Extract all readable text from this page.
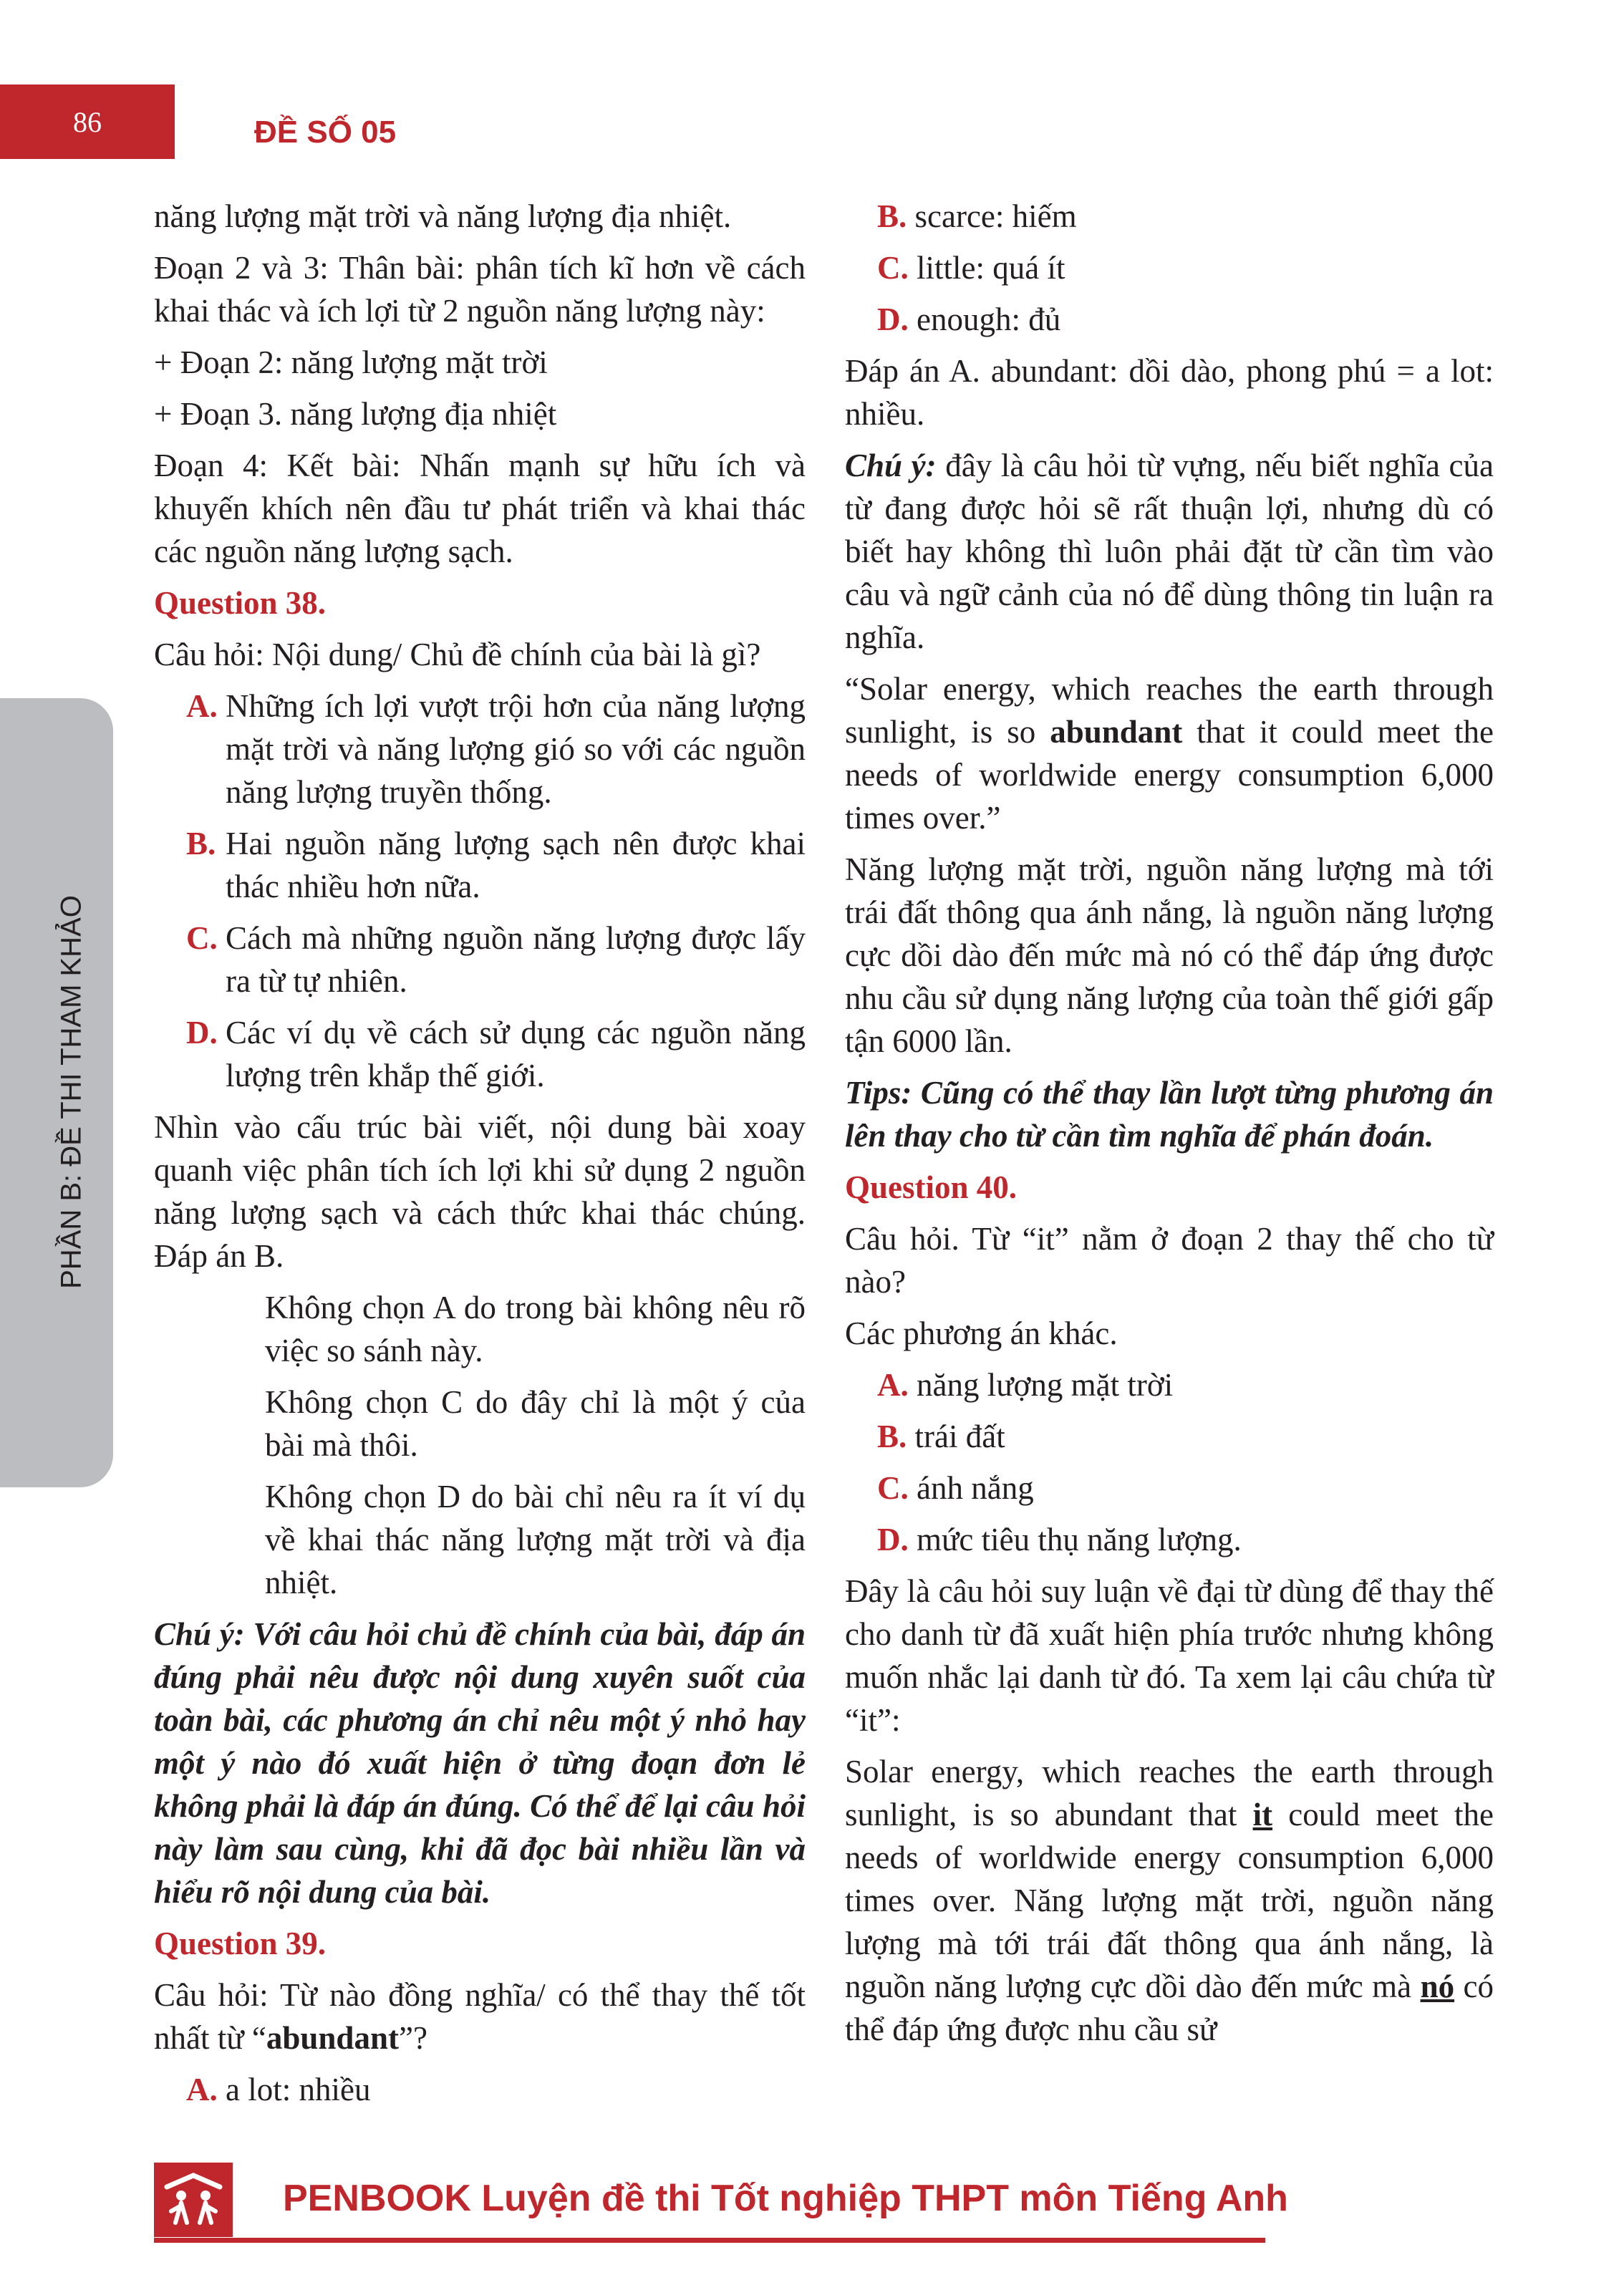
86	ĐỀ SỐ 05
PHẦN B: ĐỀ THI THAM KHẢO

năng lượng mặt trời và năng lượng địa nhiệt.

Đoạn 2 và 3: Thân bài: phân tích kĩ hơn về cách khai thác và ích lợi từ 2 nguồn năng lượng này:

+ Đoạn 2: năng lượng mặt trời

+ Đoạn 3. năng lượng địa nhiệt

Đoạn 4: Kết bài: Nhấn mạnh sự hữu ích và khuyến khích nên đầu tư phát triển và khai thác các nguồn năng lượng sạch.

Question 38.

Câu hỏi: Nội dung/ Chủ đề chính của bài là gì?

A. Những ích lợi vượt trội hơn của năng lượng mặt trời và năng lượng gió so với các nguồn năng lượng truyền thống.
B. Hai nguồn năng lượng sạch nên được khai thác nhiều hơn nữa.
C. Cách mà những nguồn năng lượng được lấy ra từ tự nhiên.
D. Các ví dụ về cách sử dụng các nguồn năng lượng trên khắp thế giới.

Nhìn vào cấu trúc bài viết, nội dung bài xoay quanh việc phân tích ích lợi khi sử dụng 2 nguồn năng lượng sạch và cách thức khai thác chúng. Đáp án B.

Không chọn A do trong bài không nêu rõ việc so sánh này.

Không chọn C do đây chỉ là một ý của bài mà thôi.

Không chọn D do bài chỉ nêu ra ít ví dụ về khai thác năng lượng mặt trời và địa nhiệt.

Chú ý: Với câu hỏi chủ đề chính của bài, đáp án đúng phải nêu được nội dung xuyên suốt của toàn bài, các phương án chỉ nêu một ý nhỏ hay một ý nào đó xuất hiện ở từng đoạn đơn lẻ không phải là đáp án đúng. Có thể để lại câu hỏi này làm sau cùng, khi đã đọc bài nhiều lần và hiểu rõ nội dung của bài.

Question 39.

Câu hỏi: Từ nào đồng nghĩa/ có thể thay thế tốt nhất từ “abundant”?

A. a lot: nhiều
B. scarce: hiếm
C. little: quá ít
D. enough: đủ

Đáp án A. abundant: dồi dào, phong phú = a lot: nhiều.

Chú ý: đây là câu hỏi từ vựng, nếu biết nghĩa của từ đang được hỏi sẽ rất thuận lợi, nhưng dù có biết hay không thì luôn phải đặt từ cần tìm vào câu và ngữ cảnh của nó để dùng thông tin luận ra nghĩa.

“Solar energy, which reaches the earth through sunlight, is so abundant that it could meet the needs of worldwide energy consumption 6,000 times over.”

Năng lượng mặt trời, nguồn năng lượng mà tới trái đất thông qua ánh nắng, là nguồn năng lượng cực dồi dào đến mức mà nó có thể đáp ứng được nhu cầu sử dụng năng lượng của toàn thế giới gấp tận 6000 lần.

Tips: Cũng có thể thay lần lượt từng phương án lên thay cho từ cần tìm nghĩa để phán đoán.

Question 40.

Câu hỏi. Từ “it” nằm ở đoạn 2 thay thế cho từ nào?

Các phương án khác.

A. năng lượng mặt trời
B. trái đất
C. ánh nắng
D. mức tiêu thụ năng lượng.

Đây là câu hỏi suy luận về đại từ dùng để thay thế cho danh từ đã xuất hiện phía trước nhưng không muốn nhắc lại danh từ đó. Ta xem lại câu chứa từ “it”:

Solar energy, which reaches the earth through sunlight, is so abundant that it could meet the needs of worldwide energy consumption 6,000 times over. Năng lượng mặt trời, nguồn năng lượng mà tới trái đất thông qua ánh nắng, là nguồn năng lượng cực dồi dào đến mức mà nó có thể đáp ứng được nhu cầu sử

PENBOOK Luyện đề thi Tốt nghiệp THPT môn Tiếng Anh
